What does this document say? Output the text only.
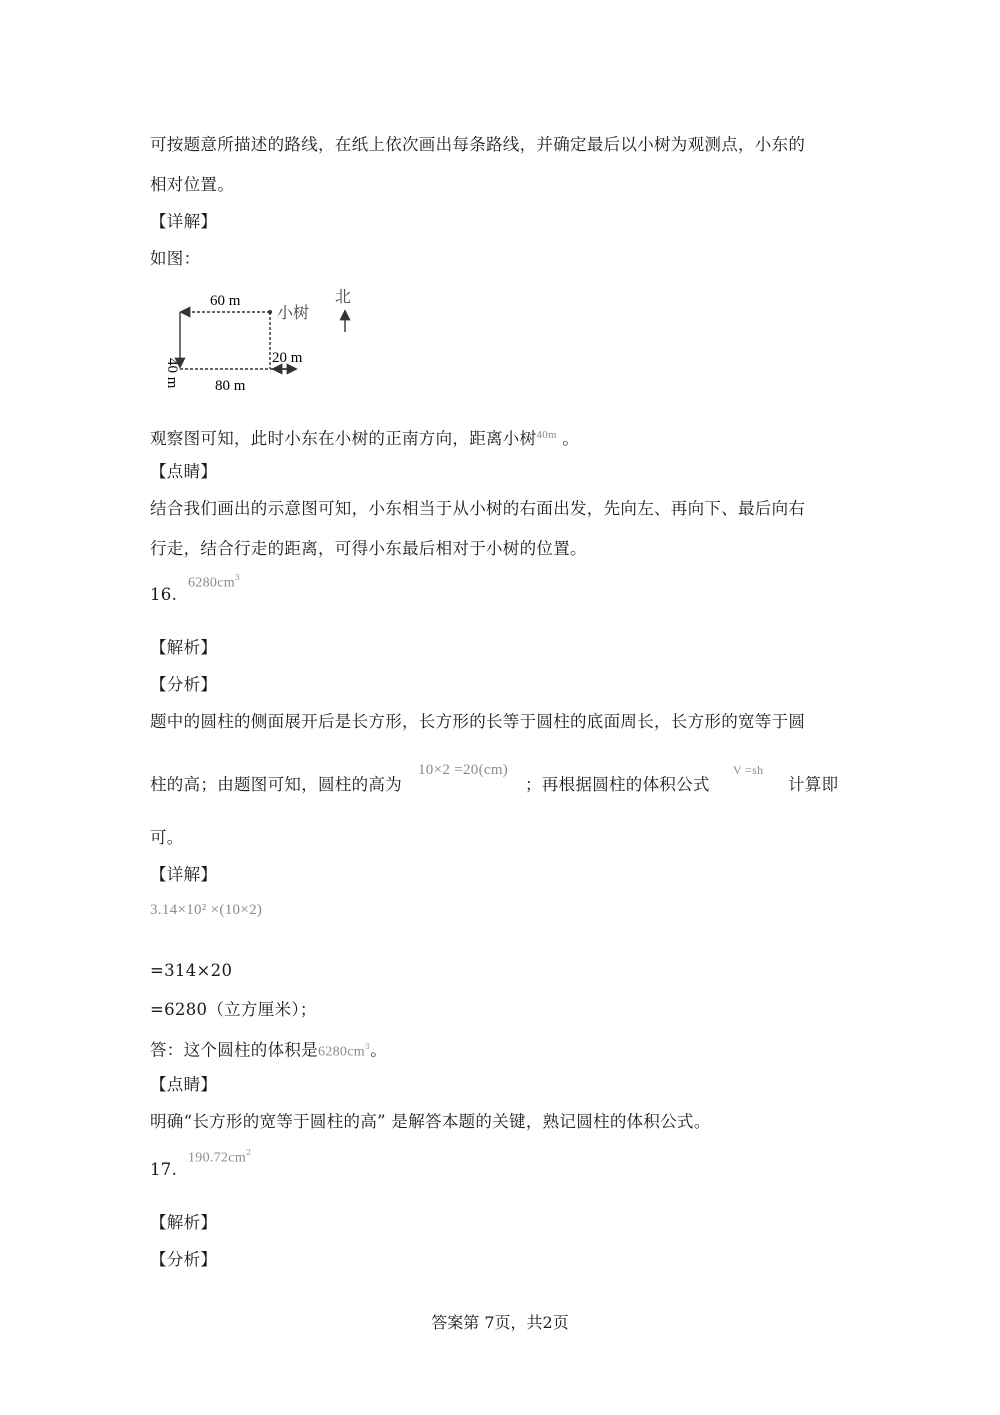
可按题意所描述的路线，在纸上依次画出每条路线，并确定最后以小树为观测点，小东的
相对位置。
【详解】
如图：
60 m
小树
北
20 m
80 m
40 m
观察图可知，此时小东在小树的正南方向，距离小树$^{40m}$ 。
【点睛】
结合我们画出的示意图可知，小东相当于从小树的右面出发，先向左、再向下、最后向右
行走，结合行走的距离，可得小东最后相对于小树的位置。
16.
$6280cm^3$
【解析】
【分析】
题中的圆柱的侧面展开后是长方形，长方形的长等于圆柱的底面周长，长方形的宽等于圆
柱的高；由题图可知，圆柱的高为
10×2 =20(cm)
；再根据圆柱的体积公式
V =sh
计算即
可。
【详解】
3.14×10² ×(10×2)
=314×20
=6280（立方厘米）；
答：这个圆柱的体积是$6280cm^3$。
【点睛】
明确“长方形的宽等于圆柱的高” 是解答本题的关键，熟记圆柱的体积公式。
17.
$190.72cm^2$
【解析】
【分析】
答案第 7页，共2页
